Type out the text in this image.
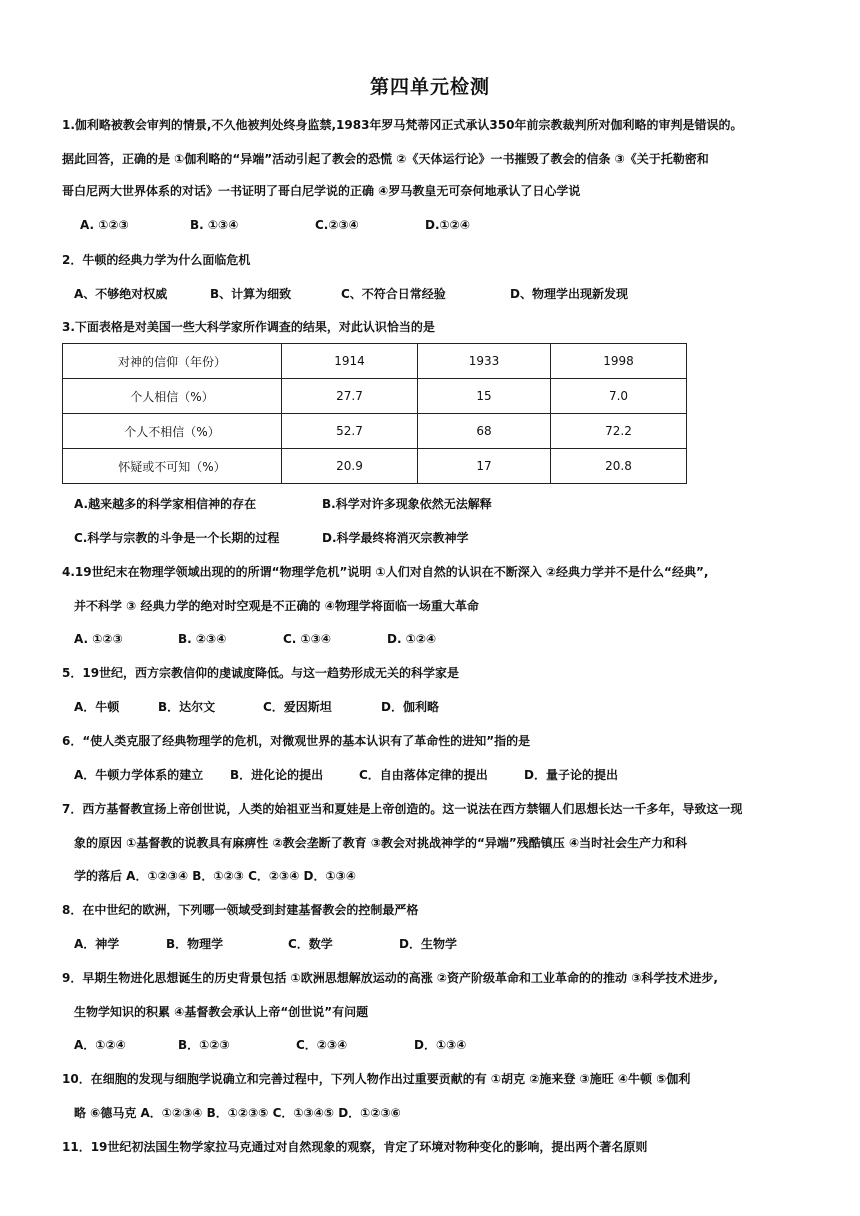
第四单元检测
1.伽利略被教会审判的情景,不久他被判处终身监禁,1983年罗马梵蒂冈正式承认350年前宗教裁判所对伽利略的审判是错误的。
据此回答，正确的是 ①伽利略的“异端”活动引起了教会的恐慌 ②《天体运行论》一书摧毁了教会的信条 ③《关于托勒密和
哥白尼两大世界体系的对话》一书证明了哥白尼学说的正确 ④罗马教皇无可奈何地承认了日心学说
A. ①②③	B. ①③④	C.②③④	D.①②④
2．牛顿的经典力学为什么面临危机
A、不够绝对权威	B、计算为细致	C、不符合日常经验	D、物理学出现新发现
3.下面表格是对美国一些大科学家所作调查的结果，对此认识恰当的是
对神的信仰（年份）	1914	1933	1998
个人相信（%）	27.7	15	7.0
个人不相信（%）	52.7	68	72.2
怀疑或不可知（%）	20.9	17	20.8
A.越来越多的科学家相信神的存在	B.科学对许多现象依然无法解释
C.科学与宗教的斗争是一个长期的过程	D.科学最终将消灭宗教神学
4.19世纪末在物理学领域出现的的所谓“物理学危机”说明 ①人们对自然的认识在不断深入 ②经典力学并不是什么“经典”,
并不科学 ③ 经典力学的绝对时空观是不正确的 ④物理学将面临一场重大革命
A. ①②③	B. ②③④	C. ①③④	D. ①②④
5．19世纪，西方宗教信仰的虔诚度降低。与这一趋势形成无关的科学家是
A．牛顿	B．达尔文	C．爱因斯坦	D．伽利略
6．“使人类克服了经典物理学的危机，对微观世界的基本认识有了革命性的进知”指的是
A．牛顿力学体系的建立 B．进化论的提出	C．自由落体定律的提出	D．量子论的提出
7．西方基督教宣扬上帝创世说，人类的始祖亚当和夏娃是上帝创造的。这一说法在西方禁锢人们思想长达一千多年，导致这一现
象的原因 ①基督教的说教具有麻痹性 ②教会垄断了教育 ③教会对挑战神学的“异端”残酷镇压 ④当时社会生产力和科
学的落后 A．①②③④ B．①②③ C．②③④ D．①③④
8．在中世纪的欧洲，下列哪一领域受到封建基督教会的控制最严格
A．神学	B．物理学	C．数学	D．生物学
9．早期生物进化思想诞生的历史背景包括 ①欧洲思想解放运动的高涨 ②资产阶级革命和工业革命的的推动 ③科学技术进步,
生物学知识的积累 ④基督教会承认上帝“创世说”有问题
A．①②④	B．①②③	C．②③④	D．①③④
10．在细胞的发现与细胞学说确立和完善过程中，下列人物作出过重要贡献的有 ①胡克 ②施来登 ③施旺 ④牛顿 ⑤伽利
略 ⑥德马克 A．①②③④ B．①②③⑤ C．①③④⑤ D．①②③⑥
11．19世纪初法国生物学家拉马克通过对自然现象的观察，肯定了环境对物种变化的影响，提出两个著名原则
